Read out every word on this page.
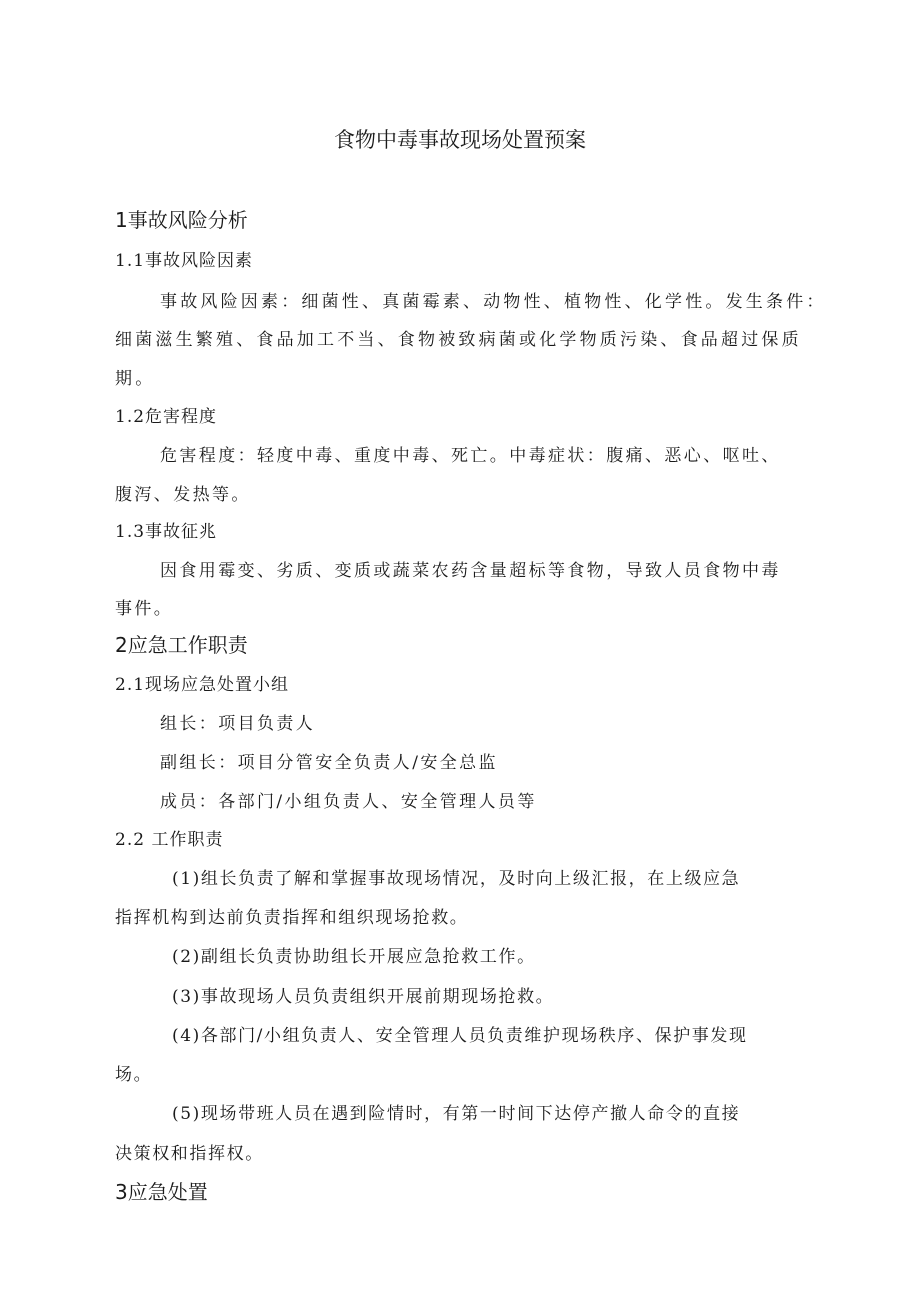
食物中毒事故现场处置预案
1事故风险分析
1.1事故风险因素
事故风险因素：细菌性、真菌霉素、动物性、植物性、化学性。发生条件：
细菌滋生繁殖、食品加工不当、食物被致病菌或化学物质污染、食品超过保质
期。
1.2危害程度
危害程度：轻度中毒、重度中毒、死亡。中毒症状：腹痛、恶心、呕吐、
腹泻、发热等。
1.3事故征兆
因食用霉变、劣质、变质或蔬菜农药含量超标等食物，导致人员食物中毒
事件。
2应急工作职责
2.1现场应急处置小组
组长：项目负责人
副组长：项目分管安全负责人/安全总监
成员：各部门/小组负责人、安全管理人员等
2.2 工作职责
(1)组长负责了解和掌握事故现场情况，及时向上级汇报，在上级应急
指挥机构到达前负责指挥和组织现场抢救。
(2)副组长负责协助组长开展应急抢救工作。
(3)事故现场人员负责组织开展前期现场抢救。
(4)各部门/小组负责人、安全管理人员负责维护现场秩序、保护事发现
场。
(5)现场带班人员在遇到险情时，有第一时间下达停产撤人命令的直接
决策权和指挥权。
3应急处置
